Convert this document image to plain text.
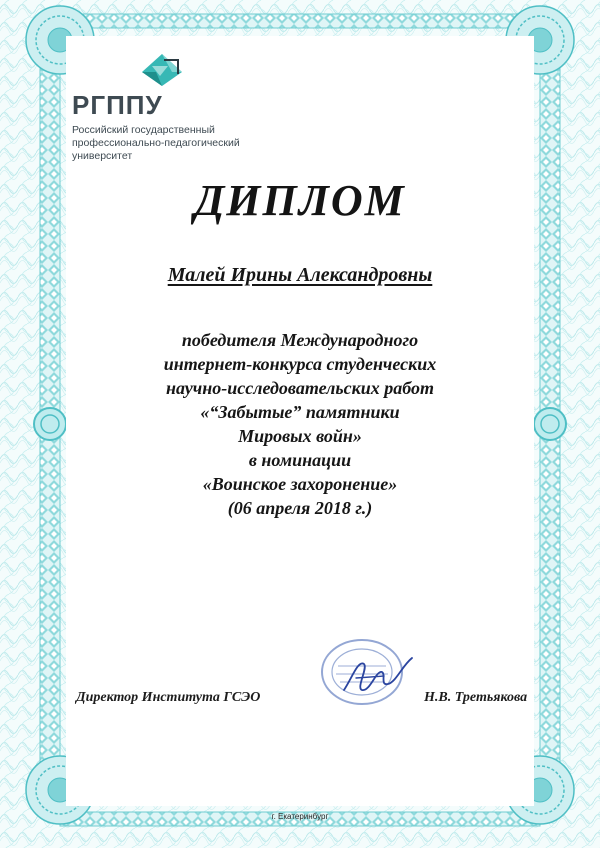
РГППУ
Российский государственный
профессионально-педагогический
университет
ДИПЛОМ
Малей Ирины Александровны
победителя Международного
интернет-конкурса студенческих
научно-исследовательских работ
«“Забытые” памятники
Мировых войн»
в номинации
«Воинское захоронение»
(06 апреля 2018 г.)
Директор Института ГСЭО	Н.В. Третьякова
г. Екатеринбург
